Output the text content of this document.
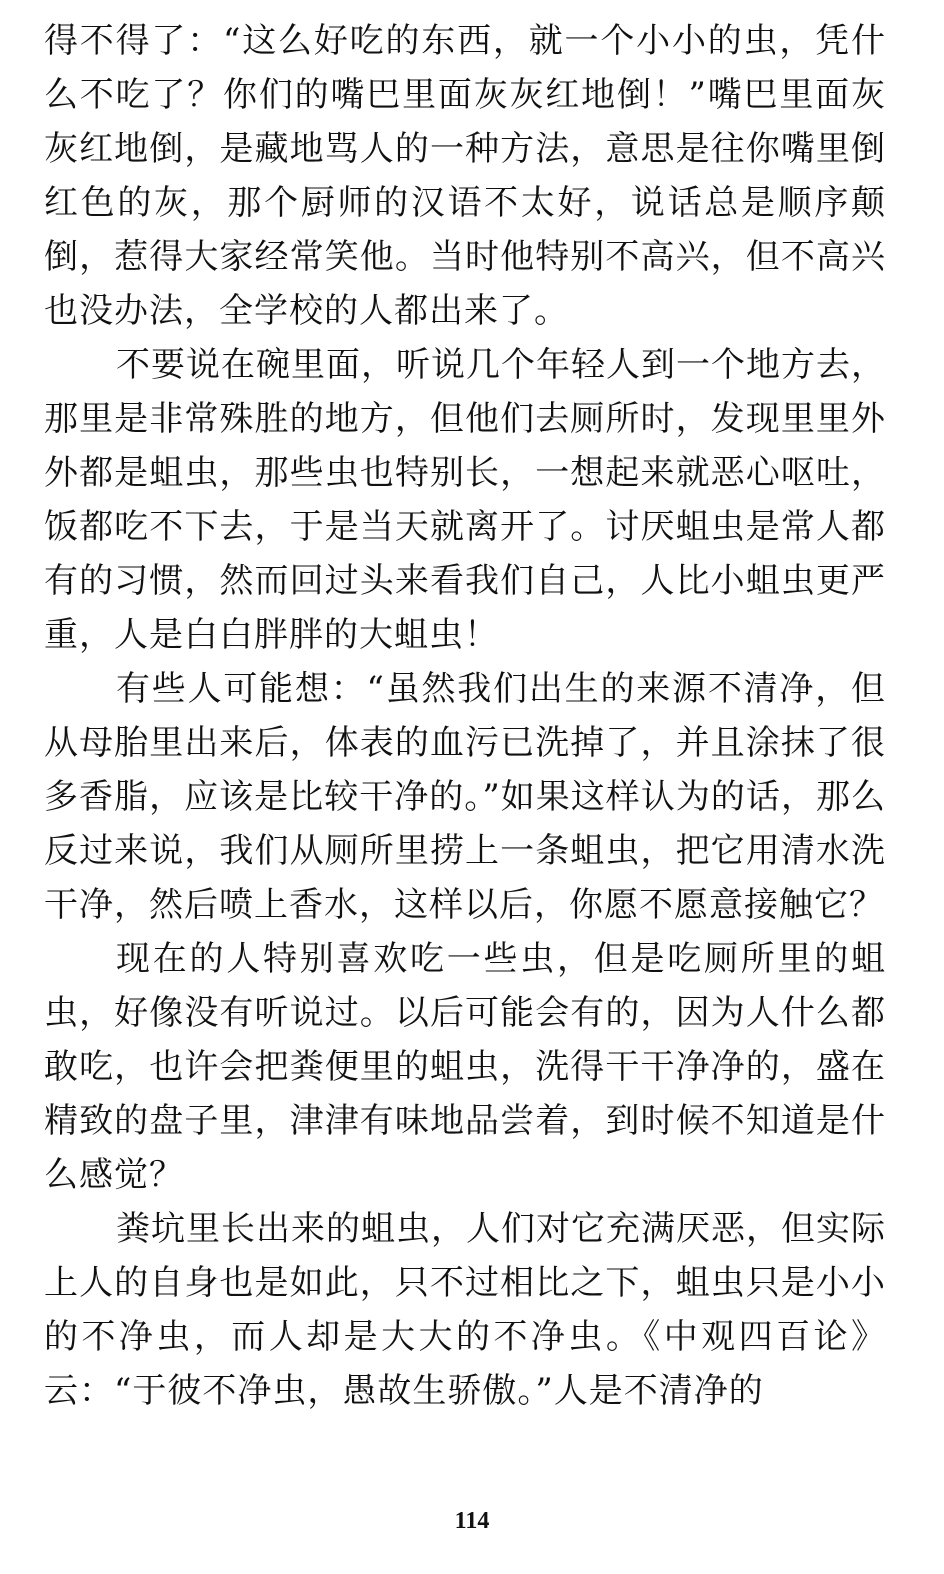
得不得了：“这么好吃的东西，就一个小小的虫，凭什么不吃了？你们的嘴巴里面灰灰红地倒！”嘴巴里面灰灰红地倒，是藏地骂人的一种方法，意思是往你嘴里倒红色的灰，那个厨师的汉语不太好，说话总是顺序颠倒，惹得大家经常笑他。当时他特别不高兴，但不高兴也没办法，全学校的人都出来了。

不要说在碗里面，听说几个年轻人到一个地方去，那里是非常殊胜的地方，但他们去厕所时，发现里里外外都是蛆虫，那些虫也特别长，一想起来就恶心呕吐，饭都吃不下去，于是当天就离开了。讨厌蛆虫是常人都有的习惯，然而回过头来看我们自己，人比小蛆虫更严重，人是白白胖胖的大蛆虫！

有些人可能想：“虽然我们出生的来源不清净，但从母胎里出来后，体表的血污已洗掉了，并且涂抹了很多香脂，应该是比较干净的。”如果这样认为的话，那么反过来说，我们从厕所里捞上一条蛆虫，把它用清水洗干净，然后喷上香水，这样以后，你愿不愿意接触它？

现在的人特别喜欢吃一些虫，但是吃厕所里的蛆虫，好像没有听说过。以后可能会有的，因为人什么都敢吃，也许会把粪便里的蛆虫，洗得干干净净的，盛在精致的盘子里，津津有味地品尝着，到时候不知道是什么感觉？

粪坑里长出来的蛆虫，人们对它充满厌恶，但实际上人的自身也是如此，只不过相比之下，蛆虫只是小小的不净虫，而人却是大大的不净虫。《中观四百论》云：“于彼不净虫，愚故生骄傲。”人是不清净的

114
